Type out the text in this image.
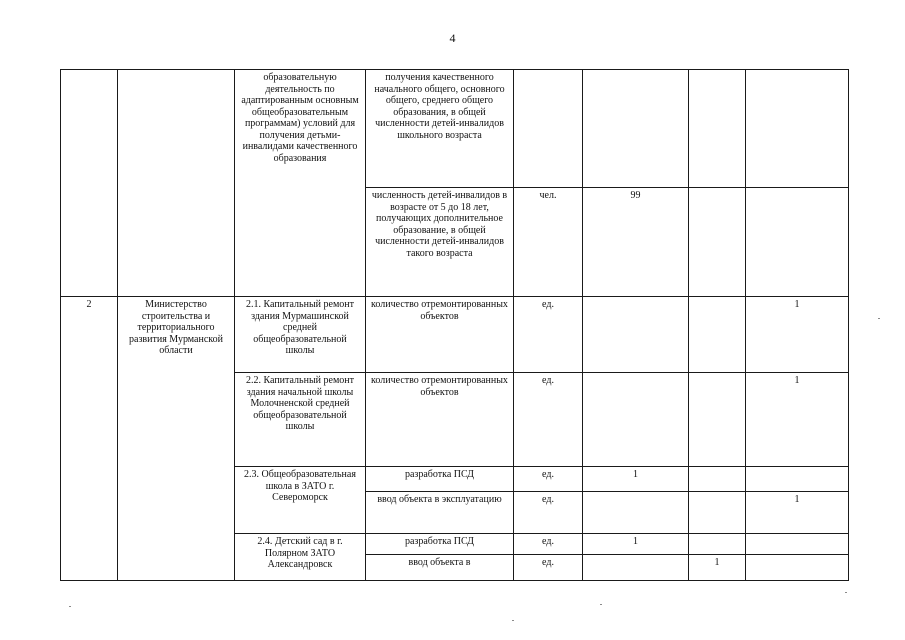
4
		образовательную деятельность по адаптированным основным общеобразовательным программам) условий для получения детьми-инвалидами качественного образования	получения качественного начального общего, основного общего, среднего общего образования, в общей численности детей-инвалидов школьного возраста				
			численность детей-инвалидов в возрасте от 5 до 18 лет, получающих дополнительное образование, в общей численности детей-инвалидов такого возраста	чел.	99		
2	Министерство строительства и территориального развития Мурманской области	2.1. Капитальный ремонт здания Мурмашинской средней общеобразовательной школы	количество отремонтированных объектов	ед.			1
		2.2. Капитальный ремонт здания начальной школы Молочненской средней общеобразовательной школы	количество отремонтированных объектов	ед.			1
		2.3. Общеобразовательная школа в ЗАТО г. Североморск	разработка ПСД	ед.	1		
			ввод объекта в эксплуатацию	ед.			1
		2.4. Детский сад в г. Полярном ЗАТО Александровск	разработка ПСД	ед.	1		
			ввод объекта в	ед.		1	
